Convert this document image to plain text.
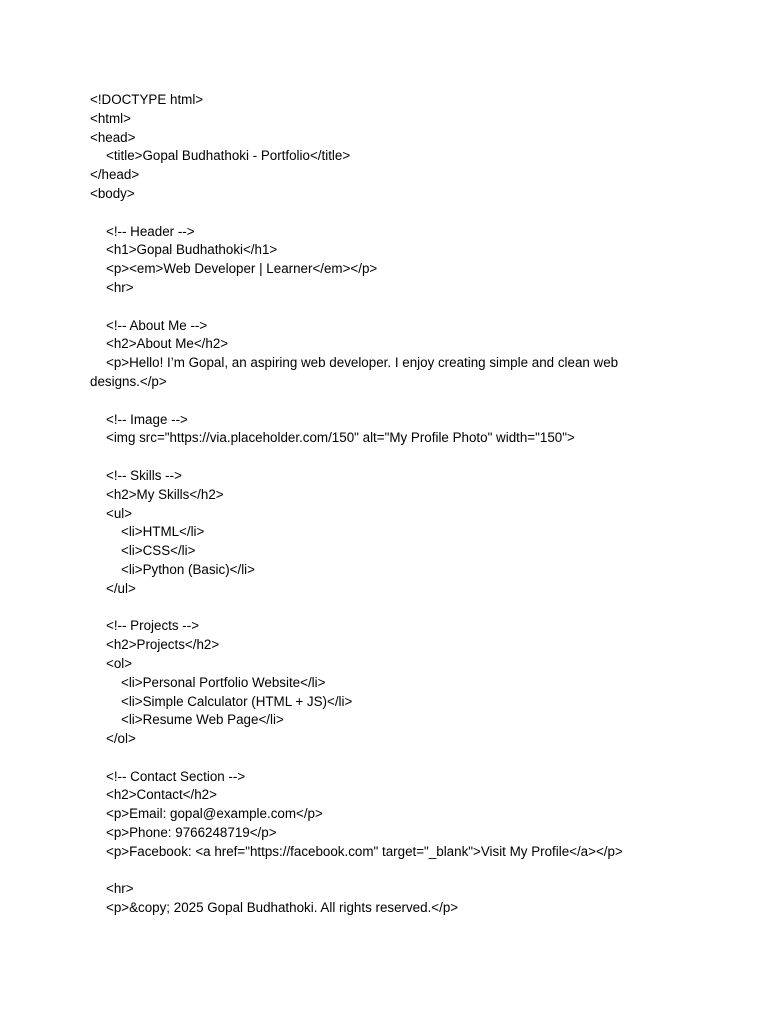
<!DOCTYPE html>
<html>
<head>
<title>Gopal Budhathoki - Portfolio</title>
</head>
<body>
<!-- Header -->
<h1>Gopal Budhathoki</h1>
<p><em>Web Developer | Learner</em></p>
<hr>
<!-- About Me -->
<h2>About Me</h2>
<p>Hello! I’m Gopal, an aspiring web developer. I enjoy creating simple and clean web designs.</p>
<!-- Image -->
<img src="https://via.placeholder.com/150" alt="My Profile Photo" width="150">
<!-- Skills -->
<h2>My Skills</h2>
<ul>
<li>HTML</li>
<li>CSS</li>
<li>Python (Basic)</li>
</ul>
<!-- Projects -->
<h2>Projects</h2>
<ol>
<li>Personal Portfolio Website</li>
<li>Simple Calculator (HTML + JS)</li>
<li>Resume Web Page</li>
</ol>
<!-- Contact Section -->
<h2>Contact</h2>
<p>Email: gopal@example.com</p>
<p>Phone: 9766248719</p>
<p>Facebook: <a href="https://facebook.com" target="_blank">Visit My Profile</a></p>
<hr>
<p>&copy; 2025 Gopal Budhathoki. All rights reserved.</p>
